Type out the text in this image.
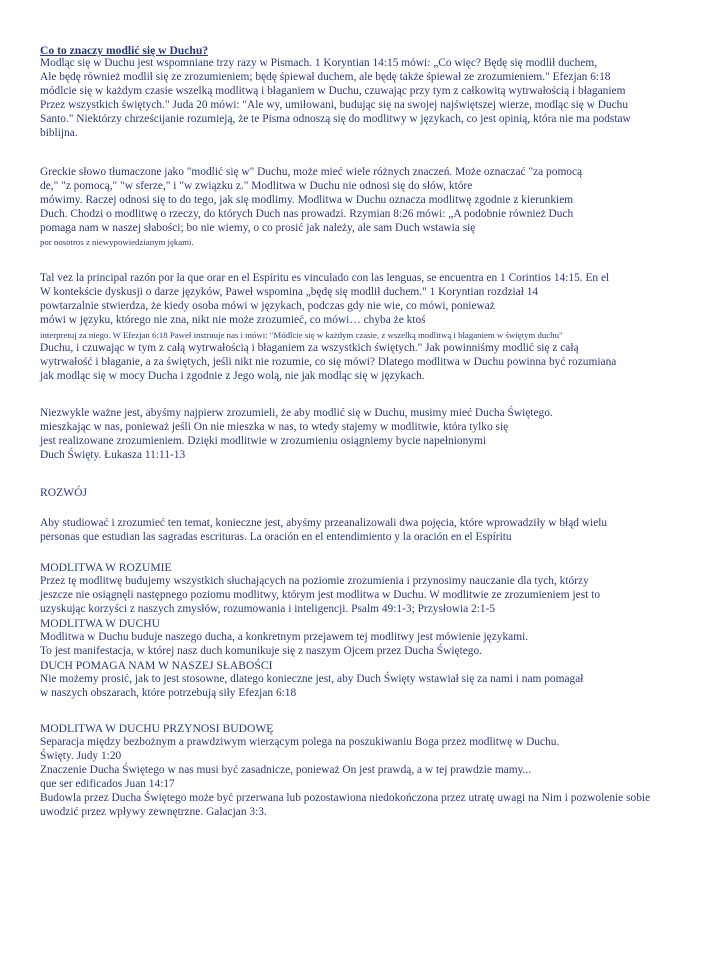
Co to znaczy modlić się w Duchu?
Modląc się w Duchu jest wspomniane trzy razy w Pismach. 1 Koryntian 14:15 mówi: „Co więc? Będę się modlił duchem,
Ale będę również modlił się ze zrozumieniem; będę śpiewał duchem, ale będę także śpiewał ze zrozumieniem." Efezjan 6:18
módlcie się w każdym czasie wszelką modlitwą i błaganiem w Duchu, czuwając przy tym z całkowitą wytrwałością i błaganiem
Przez wszystkich świętych." Juda 20 mówi: "Ale wy, umiłowani, budując się na swojej najświętszej wierze, modląc się w Duchu
Santo." Niektórzy chrześcijanie rozumieją, że te Pisma odnoszą się do modlitwy w językach, co jest opinią, która nie ma podstaw
biblijna.
Greckie słowo tłumaczone jako "modlić się w" Duchu, może mieć wiele różnych znaczeń. Może oznaczać "za pomocą
de," "z pomocą," "w sferze," i "w związku z." Modlitwa w Duchu nie odnosi się do słów, które
mówimy. Raczej odnosi się to do tego, jak się modlimy. Modlitwa w Duchu oznacza modlitwę zgodnie z kierunkiem
Duch. Chodzi o modlitwę o rzeczy, do których Duch nas prowadzi. Rzymian 8:26 mówi: „A podobnie również Duch
pomaga nam w naszej słabości; bo nie wiemy, o co prosić jak należy, ale sam Duch wstawia się
por nosotros z niewypowiedzianym jękami.
Tal vez la principal razón por la que orar en el Espíritu es vinculado con las lenguas, se encuentra en 1 Corintios 14:15. En el
W kontekście dyskusji o darze języków, Paweł wspomina „będę się modlił duchem." 1 Koryntian rozdział 14
powtarzalnie stwierdza, że kiedy osoba mówi w językach, podczas gdy nie wie, co mówi, ponieważ
mówi w języku, którego nie zna, nikt nie może zrozumieć, co mówi… chyba że ktoś
interpretuj za niego. W Efezjan 6:18 Paweł instruuje nas i mówi: "Módlcie się w każdym czasie, z wszelką modlitwą i błaganiem w świętym duchu"
Duchu, i czuwając w tym z całą wytrwałością i błaganiem za wszystkich świętych." Jak powinniśmy modlić się z całą
wytrwałość i błaganie, a za świętych, jeśli nikt nie rozumie, co się mówi? Dlatego modlitwa w Duchu powinna być rozumiana
jak modląc się w mocy Ducha i zgodnie z Jego wolą, nie jak modląc się w językach.
Niezwykle ważne jest, abyśmy najpierw zrozumieli, że aby modlić się w Duchu, musimy mieć Ducha Świętego.
mieszkając w nas, ponieważ jeśli On nie mieszka w nas, to wtedy stajemy w modlitwie, która tylko się
jest realizowane zrozumieniem. Dzięki modlitwie w zrozumieniu osiągniemy bycie napełnionymi
Duch Święty. Łukasza 11:11-13
ROZWÓJ
Aby studiować i zrozumieć ten temat, konieczne jest, abyśmy przeanalizowali dwa pojęcia, które wprowadziły w błąd wielu
personas que estudian las sagradas escrituras. La oración en el entendimiento y la oración en el Espíritu
MODLITWA W ROZUMIE
Przez tę modlitwę budujemy wszystkich słuchających na poziomie zrozumienia i przynosimy nauczanie dla tych, którzy
jeszcze nie osiągnęli następnego poziomu modlitwy, którym jest modlitwa w Duchu. W modlitwie ze zrozumieniem jest to
uzyskując korzyści z naszych zmysłów, rozumowania i inteligencji. Psalm 49:1-3; Przysłowia 2:1-5
MODLITWA W DUCHU
Modlitwa w Duchu buduje naszego ducha, a konkretnym przejawem tej modlitwy jest mówienie językami.
To jest manifestacja, w której nasz duch komunikuje się z naszym Ojcem przez Ducha Świętego.
DUCH POMAGA NAM W NASZEJ SŁABOŚCI
Nie możemy prosić, jak to jest stosowne, dlatego konieczne jest, aby Duch Święty wstawiał się za nami i nam pomagał
w naszych obszarach, które potrzebują siły Efezjan 6:18
MODLITWA W DUCHU PRZYNOSI BUDOWĘ
Separacja między bezbożnym a prawdziwym wierzącym polega na poszukiwaniu Boga przez modlitwę w Duchu.
Święty. Judy 1:20
Znaczenie Ducha Świętego w nas musi być zasadnicze, ponieważ On jest prawdą, a w tej prawdzie mamy...
que ser edificados Juan 14:17
Budowla przez Ducha Świętego może być przerwana lub pozostawiona niedokończona przez utratę uwagi na Nim i pozwolenie sobie
uwodzić przez wpływy zewnętrzne. Galacjan 3:3.
